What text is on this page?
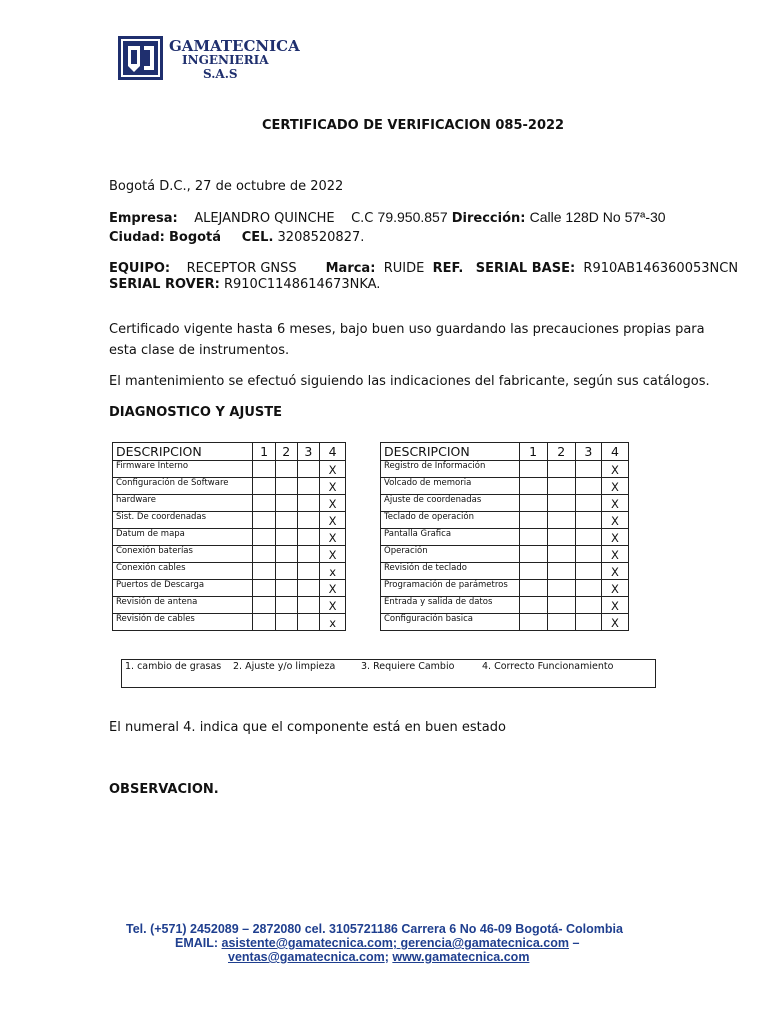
GAMATECNICA
INGENIERIA
S.A.S
CERTIFICADO DE VERIFICACION 085-2022
Bogotá D.C., 27 de octubre de 2022
Empresa: ALEJANDRO QUINCHE C.C 79.950.857 Dirección: Calle 128D No 57ª-30
Ciudad: Bogotá CEL. 3208520827.
EQUIPO: RECEPTOR GNSS Marca: RUIDE REF. SERIAL BASE: R910AB146360053NCN
SERIAL ROVER: R910C1148614673NKA.
Certificado vigente hasta 6 meses, bajo buen uso guardando las precauciones propias para
esta clase de instrumentos.
El mantenimiento se efectuó siguiendo las indicaciones del fabricante, según sus catálogos.
DIAGNOSTICO Y AJUSTE
DESCRIPCION	1	2	3	4
Firmware Interno				X
Configuración de Software				X
hardware				X
Sist. De coordenadas				X
Datum de mapa				X
Conexión baterías				X
Conexión cables				x
Puertos de Descarga				X
Revisión de antena				X
Revisión de cables				x
DESCRIPCION	1	2	3	4
Registro de Información				X
Volcado de memoria				X
Ajuste de coordenadas				X
Teclado de operación				X
Pantalla Grafica				X
Operación				X
Revisión de teclado				X
Programación de parámetros				X
Entrada y salida de datos				X
Configuración basica				X
1. cambio de grasas 2. Ajuste y/o limpieza	3. Requiere Cambio	4. Correcto Funcionamiento
El numeral 4. indica que el componente está en buen estado
OBSERVACION.
Tel. (+571) 2452089 – 2872080 cel. 3105721186 Carrera 6 No 46-09 Bogotá- Colombia
EMAIL: asistente@gamatecnica.com; gerencia@gamatecnica.com –
ventas@gamatecnica.com; www.gamatecnica.com
